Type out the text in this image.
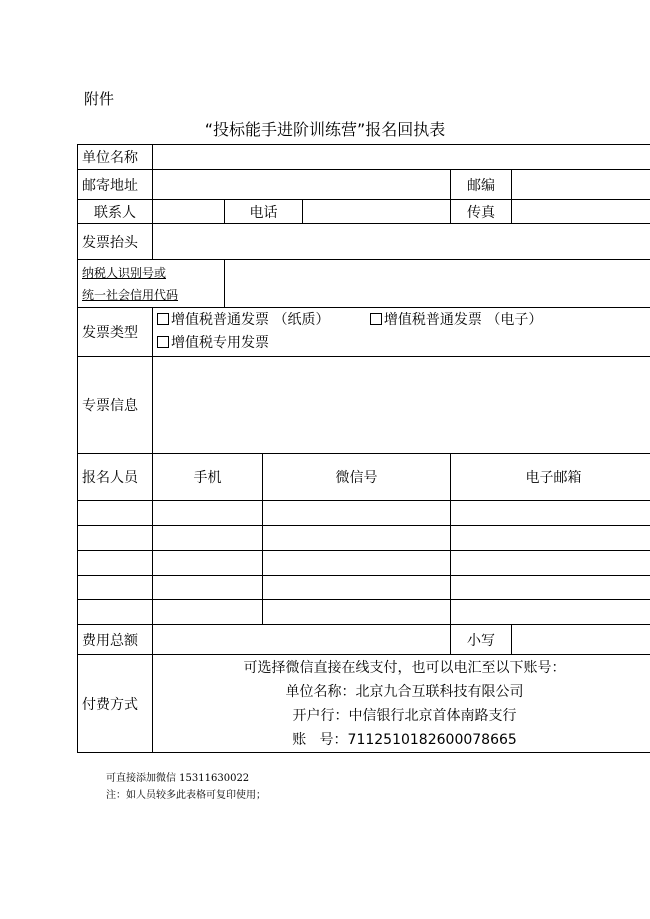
附件
“投标能手进阶训练营”报名回执表
单位名称						
邮寄地址					邮编	
联系人		电话			传真	
发票抬头						

纳税人识别号或
统一社会信用代码						

发票类型	增值税普通发票 （纸质） 增值税普通发票 （电子）
增值税专用发票					

专票信息						
报名人员	手机		微信号		电子邮箱	

费用总额					小写	
付费方式	可选择微信直接在线支付，也可以电汇至以下账号：
单位名称：北京九合互联科技有限公司
开户行：中信银行北京首体南路支行
账   号：7112510182600078665					
可直接添加微信 15311630022
注：如人员较多此表格可复印使用；
